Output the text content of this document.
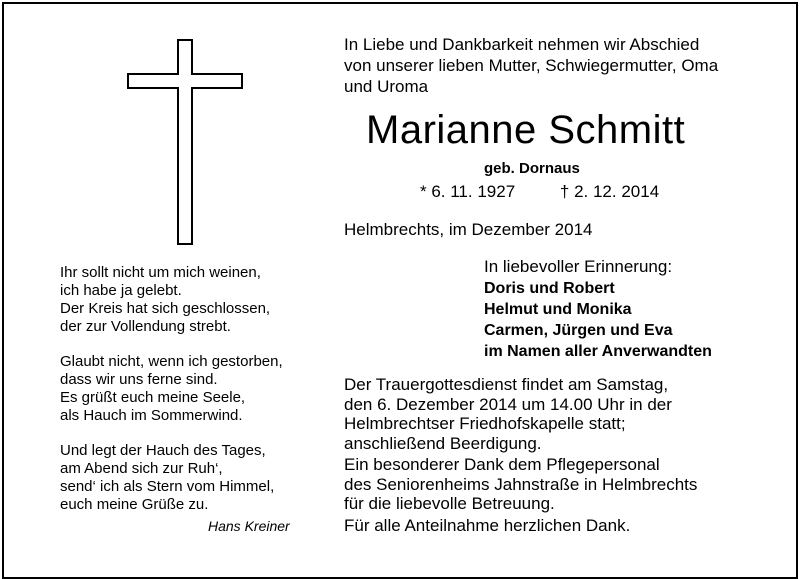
Ihr sollt nicht um mich weinen,
ich habe ja gelebt.
Der Kreis hat sich geschlossen,
der zur Vollendung strebt.
Glaubt nicht, wenn ich gestorben,
dass wir uns ferne sind.
Es grüßt euch meine Seele,
als Hauch im Sommerwind.
Und legt der Hauch des Tages,
am Abend sich zur Ruh‘,
send‘ ich als Stern vom Himmel,
euch meine Grüße zu.
Hans Kreiner
In Liebe und Dankbarkeit nehmen wir Abschied
von unserer lieben Mutter, Schwiegermutter, Oma
und Uroma
Marianne Schmitt
geb. Dornaus
* 6. 11. 1927	† 2. 12. 2014
Helmbrechts, im Dezember 2014
In liebevoller Erinnerung:
Doris und Robert
Helmut und Monika
Carmen, Jürgen und Eva
im Namen aller Anverwandten
Der Trauergottesdienst findet am Samstag,
den 6. Dezember 2014 um 14.00 Uhr in der
Helmbrechtser Friedhofskapelle statt;
anschließend Beerdigung.
Ein besonderer Dank dem Pflegepersonal
des Seniorenheims Jahnstraße in Helmbrechts
für die liebevolle Betreuung.
Für alle Anteilnahme herzlichen Dank.
